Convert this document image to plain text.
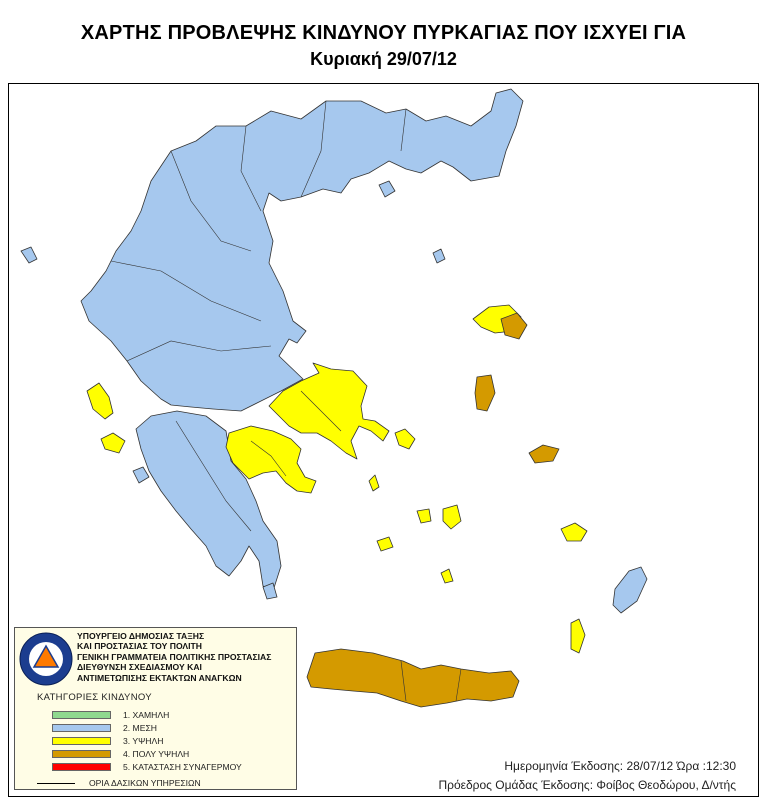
ΧΑΡΤΗΣ ΠΡΟΒΛΕΨΗΣ ΚΙΝΔΥΝΟΥ ΠΥΡΚΑΓΙΑΣ ΠΟΥ ΙΣΧΥΕΙ ΓΙΑ
Κυριακή 29/07/12
ΥΠΟΥΡΓΕΙΟ ΔΗΜΟΣΙΑΣ ΤΑΞΗΣ
ΚΑΙ ΠΡΟΣΤΑΣΙΑΣ ΤΟΥ ΠΟΛΙΤΗ
ΓΕΝΙΚΗ ΓΡΑΜΜΑΤΕΙΑ ΠΟΛΙΤΙΚΗΣ ΠΡΟΣΤΑΣΙΑΣ
ΔΙΕΥΘΥΝΣΗ ΣΧΕΔΙΑΣΜΟΥ ΚΑΙ
ΑΝΤΙΜΕΤΩΠΙΣΗΣ ΕΚΤΑΚΤΩΝ ΑΝΑΓΚΩΝ
ΚΑΤΗΓΟΡΙΕΣ ΚΙΝΔΥΝΟΥ
1. ΧΑΜΗΛΗ
2. ΜΕΣΗ
3. ΥΨΗΛΗ
4. ΠΟΛΥ ΥΨΗΛΗ
5. ΚΑΤΑΣΤΑΣΗ ΣΥΝΑΓΕΡΜΟΥ
ΟΡΙΑ ΔΑΣΙΚΩΝ ΥΠΗΡΕΣΙΩΝ
Ημερομηνία Έκδοσης: 28/07/12 Ώρα :12:30
Πρόεδρος Ομάδας Έκδοσης: Φοίβος Θεοδώρου, Δ/ντής
